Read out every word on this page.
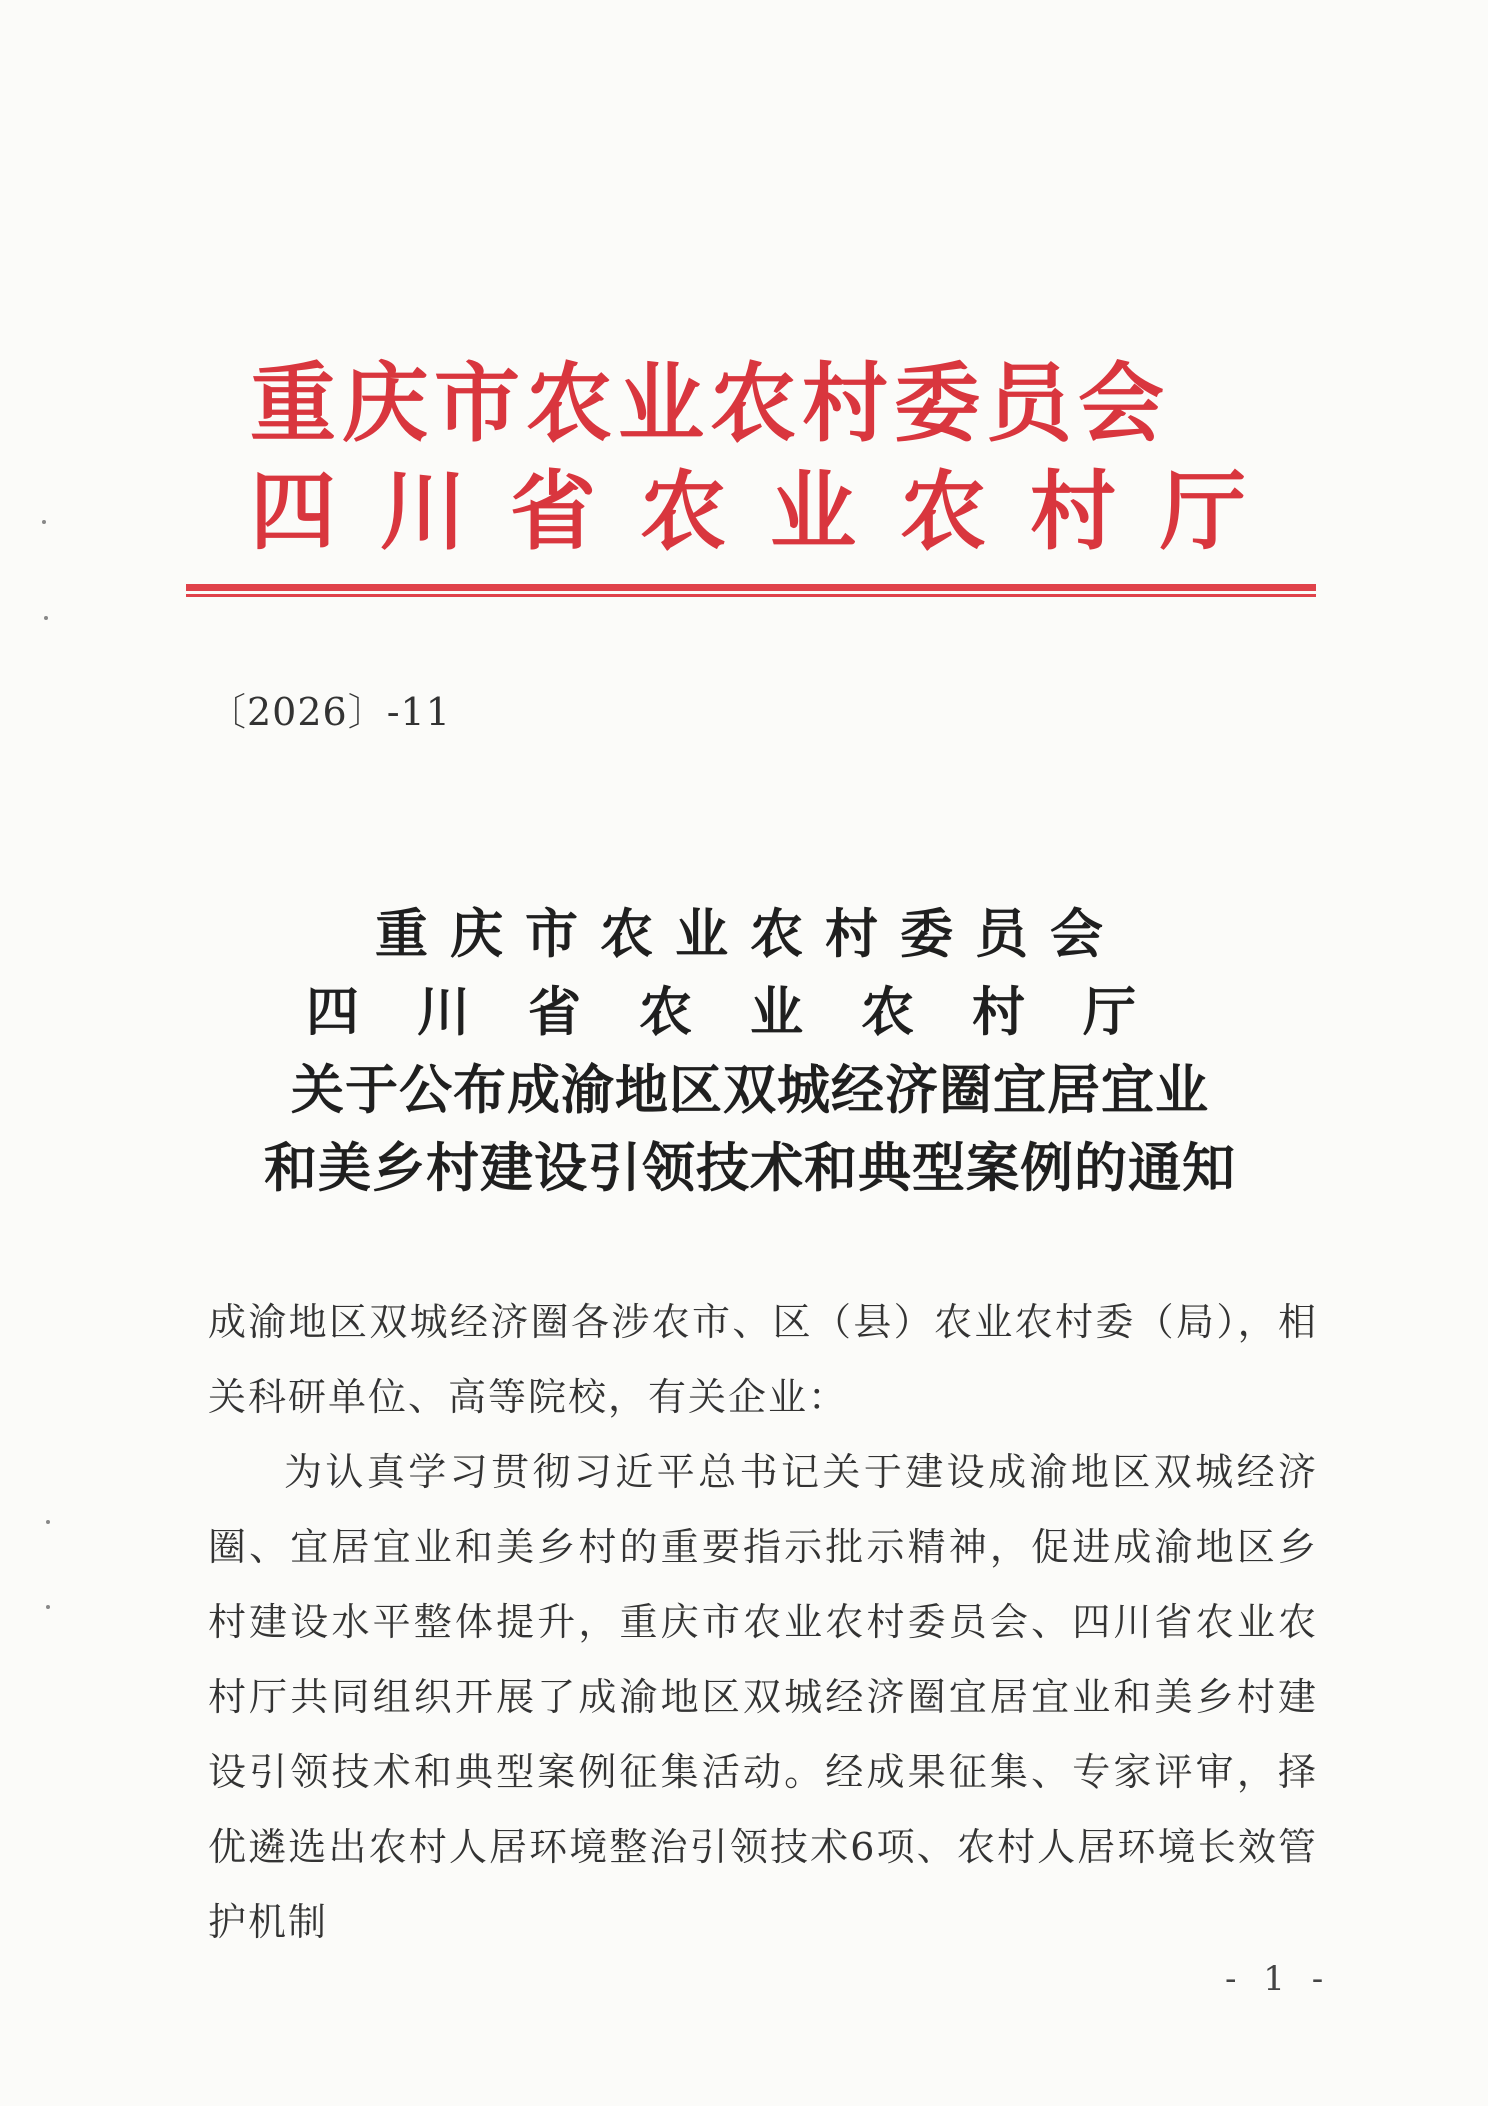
重庆市农业农村委员会
四川省农业农村厅
〔2026〕-11
重庆市农业农村委员会
四川省农业农村厅
关于公布成渝地区双城经济圈宜居宜业
和美乡村建设引领技术和典型案例的通知

成渝地区双城经济圈各涉农市、区（县）农业农村委（局），相关科研单位、高等院校，有关企业：

为认真学习贯彻习近平总书记关于建设成渝地区双城经济圈、宜居宜业和美乡村的重要指示批示精神，促进成渝地区乡村建设水平整体提升，重庆市农业农村委员会、四川省农业农村厅共同组织开展了成渝地区双城经济圈宜居宜业和美乡村建设引领技术和典型案例征集活动。经成果征集、专家评审，择优遴选出农村人居环境整治引领技术6项、农村人居环境长效管护机制

- 1 -
